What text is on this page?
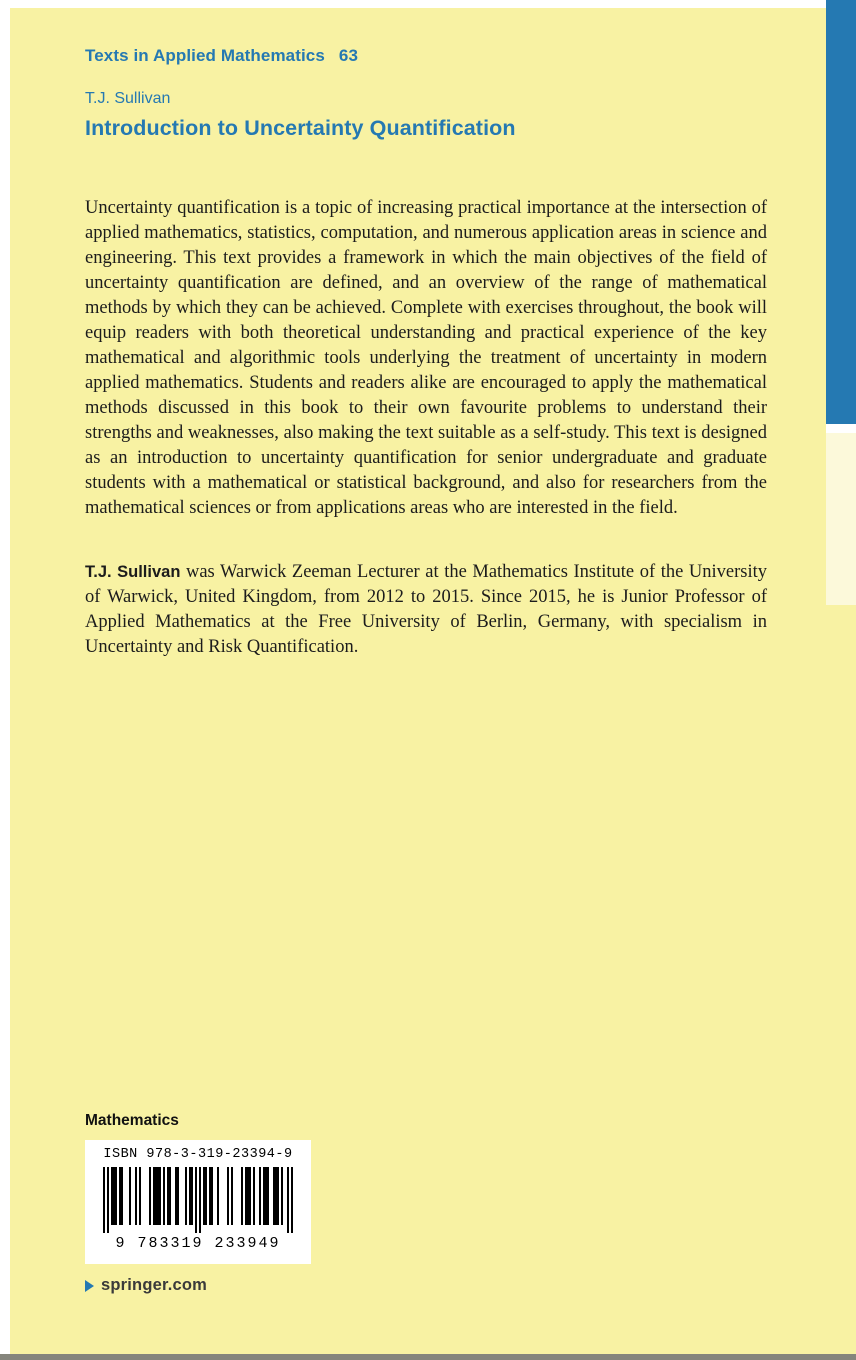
Texts in Applied Mathematics 63
T.J. Sullivan
Introduction to Uncertainty Quantification
Uncertainty quantification is a topic of increasing practical importance at the intersection of applied mathematics, statistics, computation, and numerous application areas in science and engineering. This text provides a framework in which the main objectives of the field of uncertainty quantification are defined, and an overview of the range of mathematical methods by which they can be achieved. Complete with exercises throughout, the book will equip readers with both theoretical understanding and practical experience of the key mathematical and algorithmic tools underlying the treatment of uncertainty in modern applied mathematics. Students and readers alike are encouraged to apply the mathematical methods discussed in this book to their own favourite problems to understand their strengths and weaknesses, also making the text suitable as a self-study. This text is designed as an introduction to uncertainty quantification for senior undergraduate and graduate students with a mathematical or statistical background, and also for researchers from the mathematical sciences or from applications areas who are interested in the field.
T.J. Sullivan was Warwick Zeeman Lecturer at the Mathematics Institute of the University of Warwick, United Kingdom, from 2012 to 2015. Since 2015, he is Junior Professor of Applied Mathematics at the Free University of Berlin, Germany, with specialism in Uncertainty and Risk Quantification.
Mathematics
ISBN 978-3-319-23394-9
9 783319 233949
springer.com
